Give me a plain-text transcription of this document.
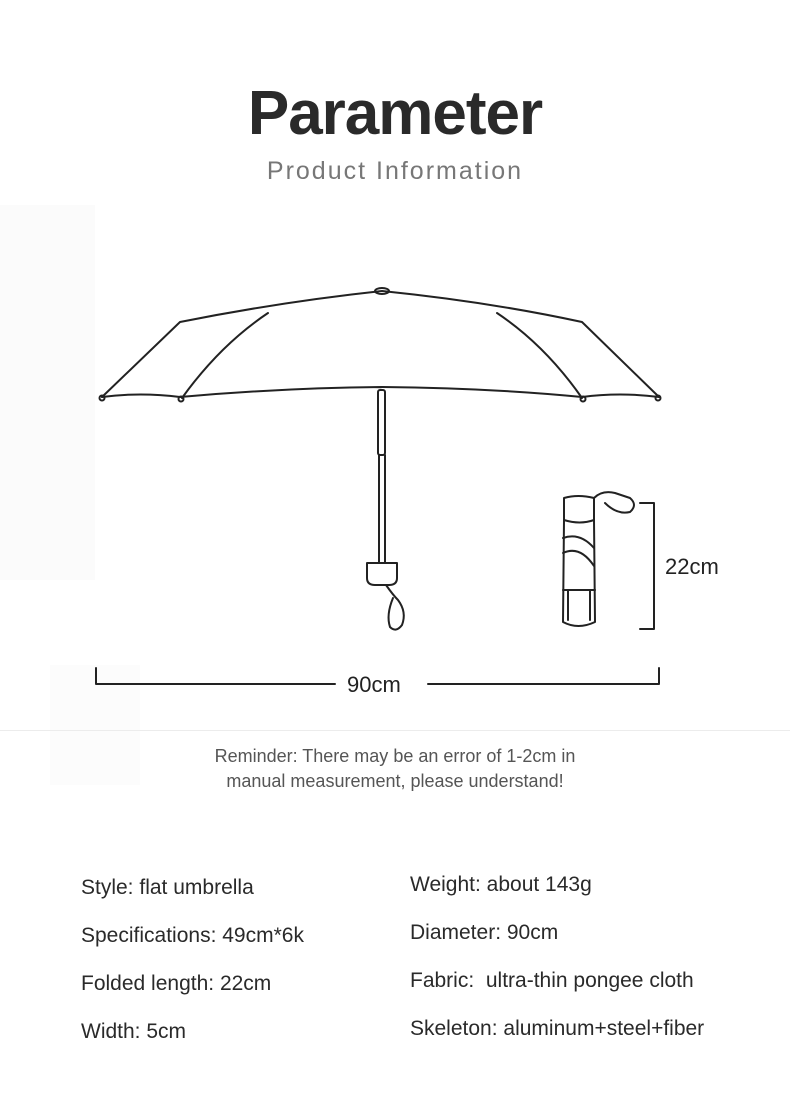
Parameter
Product Information
90cm
22cm
Reminder: There may be an error of 1-2cm in
manual measurement, please understand!
Style: flat umbrella
Specifications: 49cm*6k
Folded length: 22cm
Width: 5cm
Weight: about 143g
Diameter: 90cm
Fabric:  ultra-thin pongee cloth
Skeleton: aluminum+steel+fiber
